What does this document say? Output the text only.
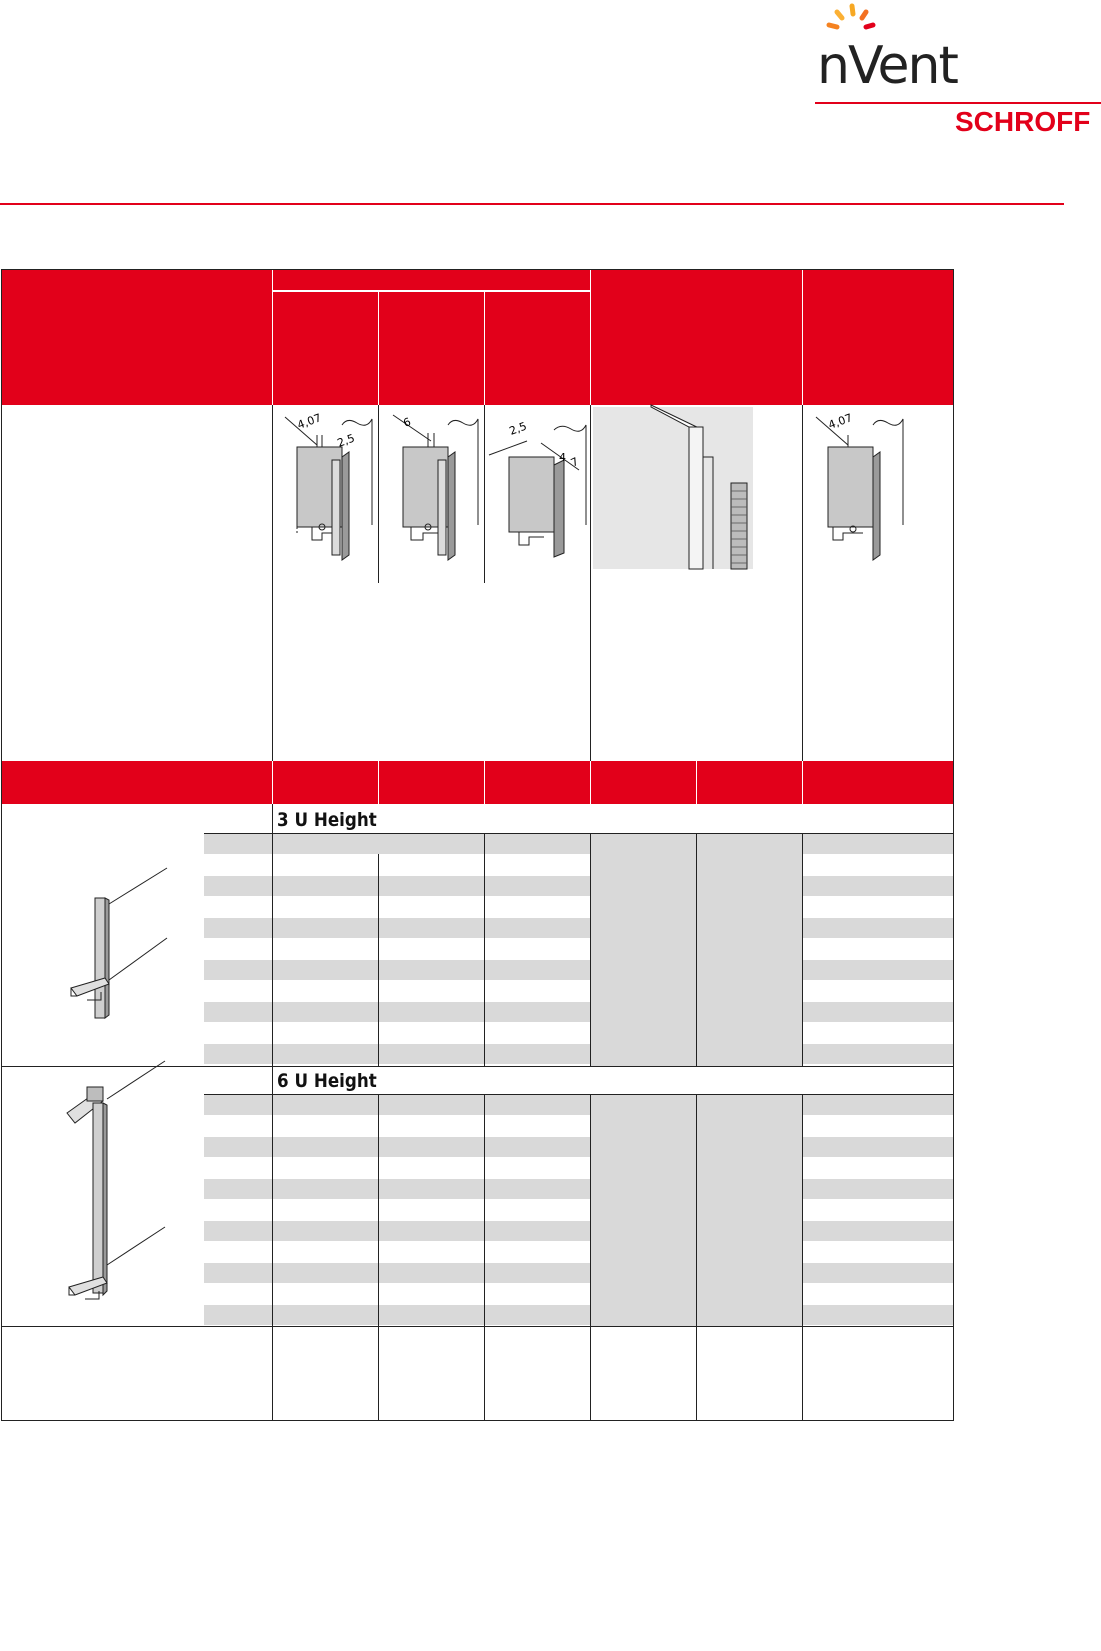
nVent
SCHROFF
4,07
2,5
6	2,5
4 7
4,07
3 U Height
6 U Height
